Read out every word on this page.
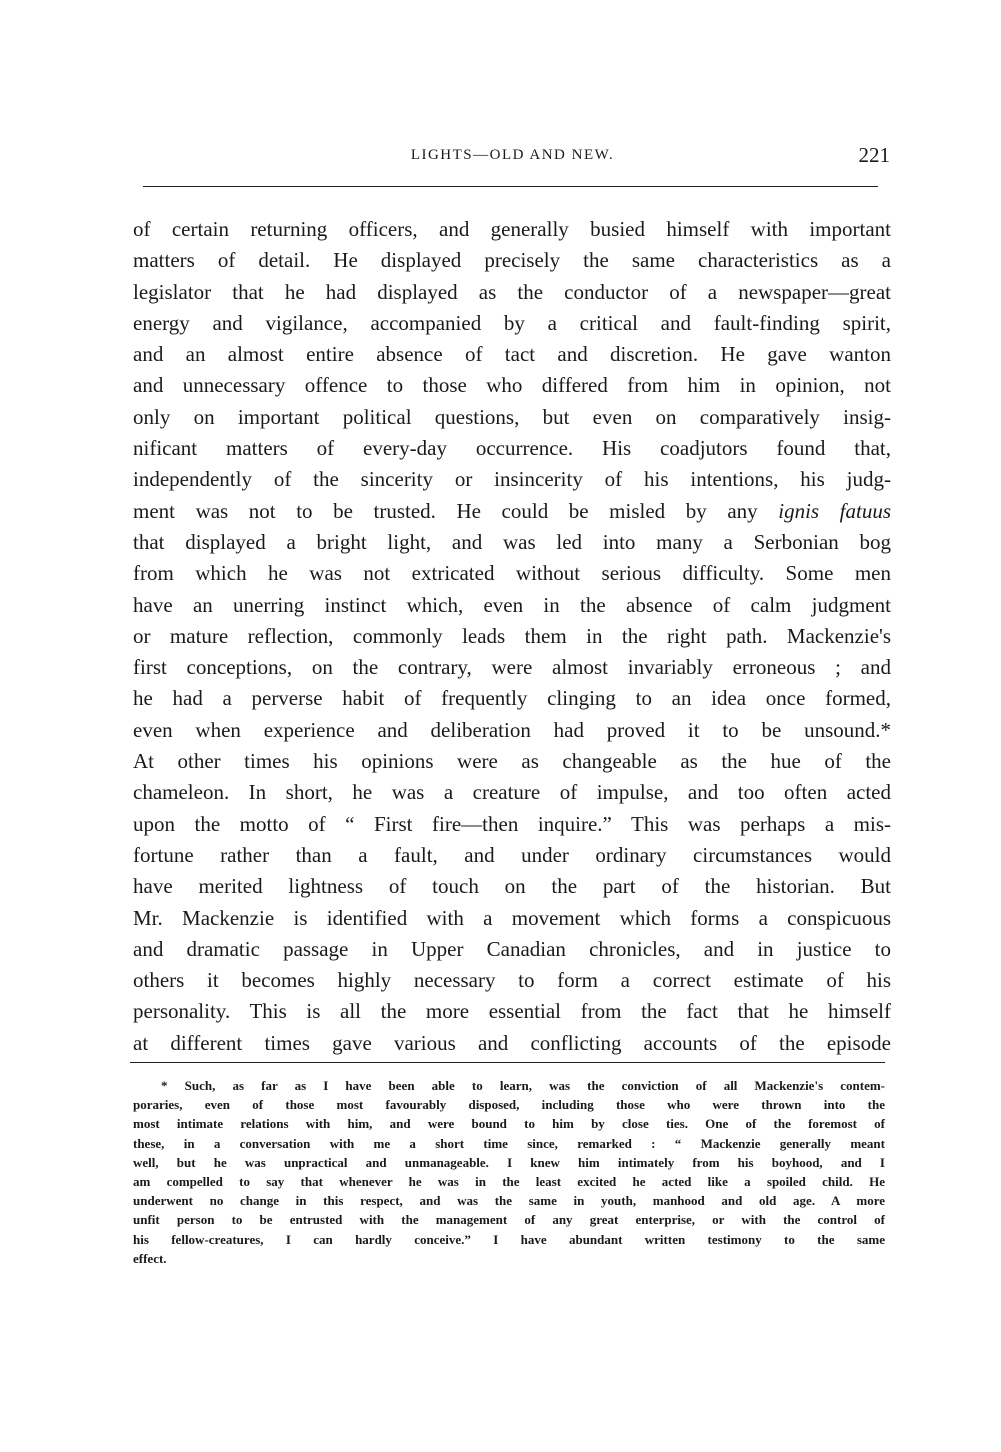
LIGHTS—OLD AND NEW.	221
of certain returning officers, and generally busied himself with important
matters of detail. He displayed precisely the same characteristics as a
legislator that he had displayed as the conductor of a newspaper—great
energy and vigilance, accompanied by a critical and fault-finding spirit,
and an almost entire absence of tact and discretion. He gave wanton
and unnecessary offence to those who differed from him in opinion, not
only on important political questions, but even on comparatively insig-
nificant matters of every-day occurrence. His coadjutors found that,
independently of the sincerity or insincerity of his intentions, his judg-
ment was not to be trusted. He could be misled by any ignis fatuus
that displayed a bright light, and was led into many a Serbonian bog
from which he was not extricated without serious difficulty. Some men
have an unerring instinct which, even in the absence of calm judgment
or mature reflection, commonly leads them in the right path. Mackenzie's
first conceptions, on the contrary, were almost invariably erroneous ; and
he had a perverse habit of frequently clinging to an idea once formed,
even when experience and deliberation had proved it to be unsound.*
At other times his opinions were as changeable as the hue of the
chameleon. In short, he was a creature of impulse, and too often acted
upon the motto of “ First fire—then inquire.” This was perhaps a mis-
fortune rather than a fault, and under ordinary circumstances would
have merited lightness of touch on the part of the historian. But
Mr. Mackenzie is identified with a movement which forms a conspicuous
and dramatic passage in Upper Canadian chronicles, and in justice to
others it becomes highly necessary to form a correct estimate of his
personality. This is all the more essential from the fact that he himself
at different times gave various and conflicting accounts of the episode
* Such, as far as I have been able to learn, was the conviction of all Mackenzie's contem-
poraries, even of those most favourably disposed, including those who were thrown into the
most intimate relations with him, and were bound to him by close ties. One of the foremost of
these, in a conversation with me a short time since, remarked : “ Mackenzie generally meant
well, but he was unpractical and unmanageable. I knew him intimately from his boyhood, and I
am compelled to say that whenever he was in the least excited he acted like a spoiled child. He
underwent no change in this respect, and was the same in youth, manhood and old age. A more
unfit person to be entrusted with the management of any great enterprise, or with the control of
his fellow-creatures, I can hardly conceive.” I have abundant written testimony to the same
effect.
